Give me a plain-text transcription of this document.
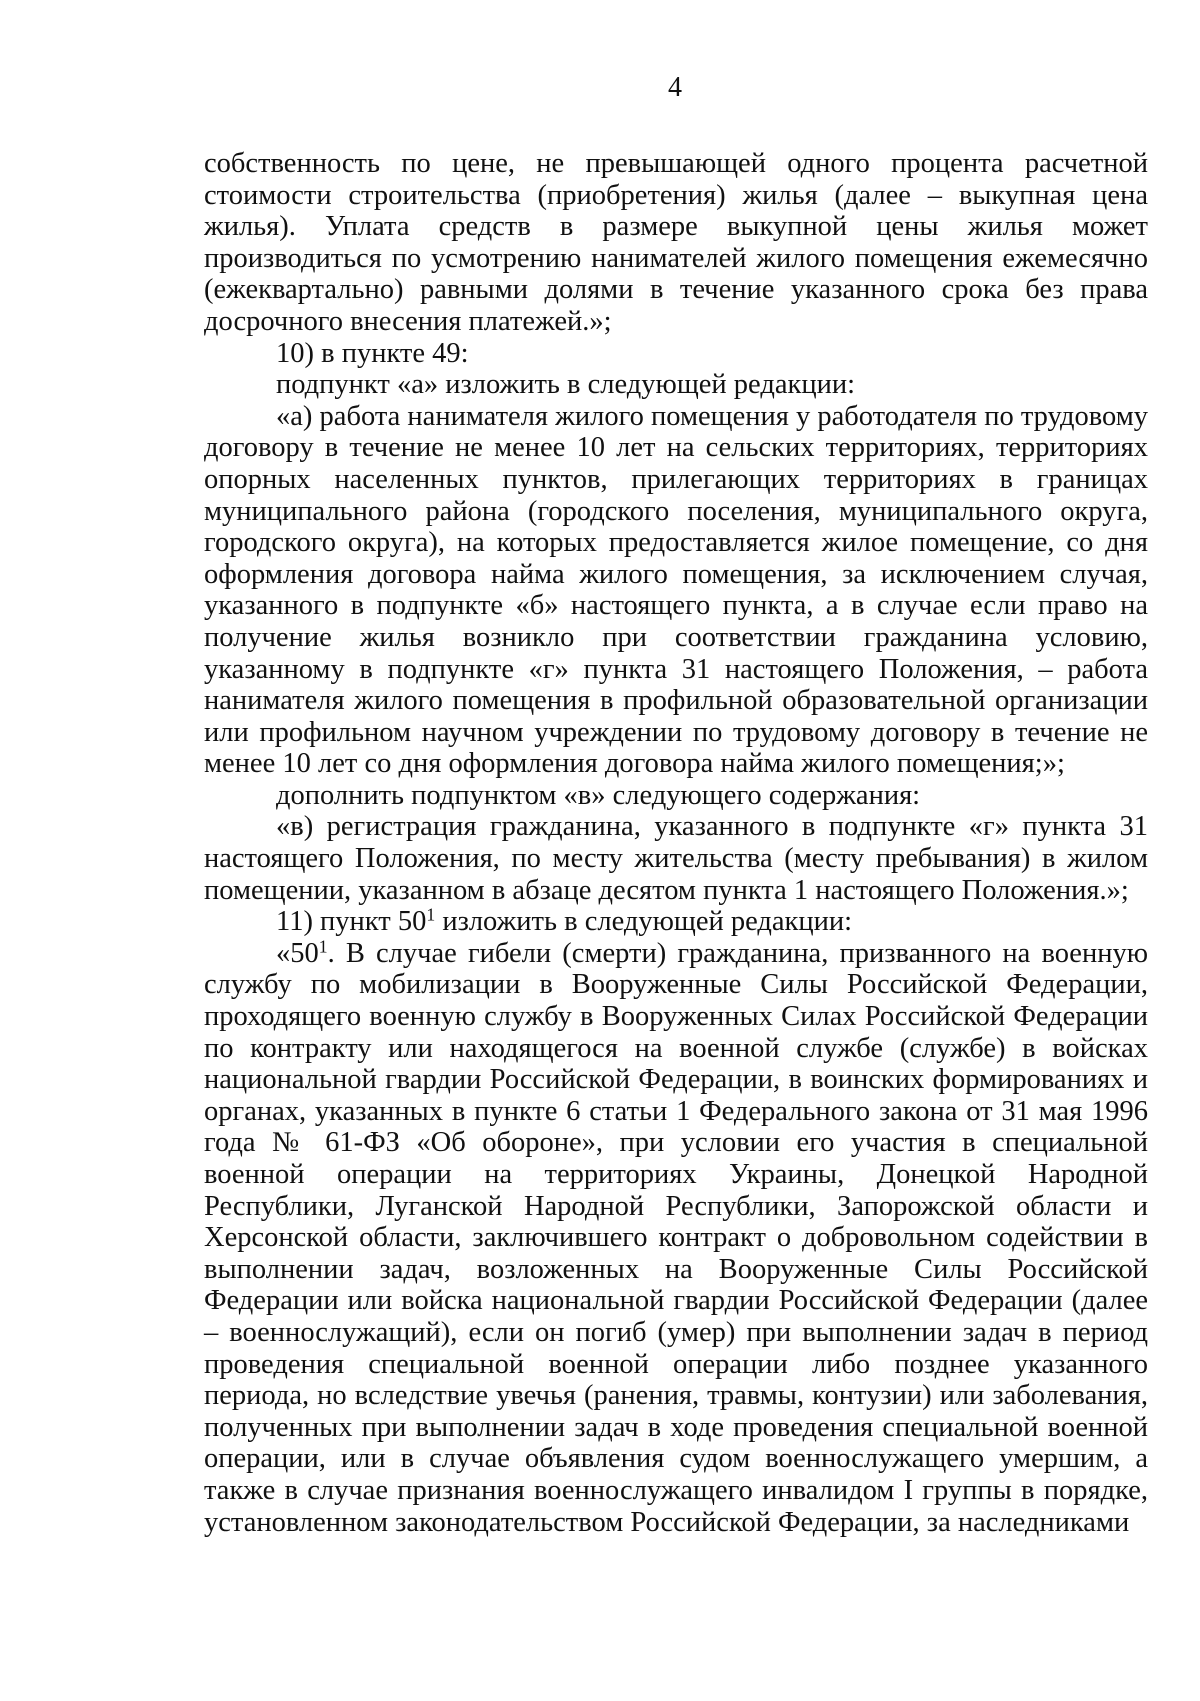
4

собственность по цене, не превышающей одного процента расчетной стоимости строительства (приобретения) жилья (далее – выкупная цена жилья). Уплата средств в размере выкупной цены жилья может производиться по усмотрению нанимателей жилого помещения ежемесячно (ежеквартально) равными долями в течение указанного срока без права досрочного внесения платежей.»;

10) в пункте 49:

подпункт «а» изложить в следующей редакции:

«а) работа нанимателя жилого помещения у работодателя по трудовому договору в течение не менее 10 лет на сельских территориях, территориях опорных населенных пунктов, прилегающих территориях в границах муниципального района (городского поселения, муниципального округа, городского округа), на которых предоставляется жилое помещение, со дня оформления договора найма жилого помещения, за исключением случая, указанного в подпункте «б» настоящего пункта, а в случае если право на получение жилья возникло при соответствии гражданина условию, указанному в подпункте «г» пункта 31 настоящего Положения, – работа нанимателя жилого помещения в профильной образовательной организации или профильном научном учреждении по трудовому договору в течение не менее 10 лет со дня оформления договора найма жилого помещения;»;

дополнить подпунктом «в» следующего содержания:

«в) регистрация гражданина, указанного в подпункте «г» пункта 31 настоящего Положения, по месту жительства (месту пребывания) в жилом помещении, указанном в абзаце десятом пункта 1 настоящего Положения.»;

11) пункт $50^1$ изложить в следующей редакции:

«$50^1$. В случае гибели (смерти) гражданина, призванного на военную службу по мобилизации в Вооруженные Силы Российской Федерации, проходящего военную службу в Вооруженных Силах Российской Федерации по контракту или находящегося на военной службе (службе) в войсках национальной гвардии Российской Федерации, в воинских формированиях и органах, указанных в пункте 6 статьи 1 Федерального закона от 31 мая 1996 года № 61-ФЗ «Об обороне», при условии его участия в специальной военной операции на территориях Украины, Донецкой Народной Республики, Луганской Народной Республики, Запорожской области и Херсонской области, заключившего контракт о добровольном содействии в выполнении задач, возложенных на Вооруженные Силы Российской Федерации или войска национальной гвардии Российской Федерации (далее – военнослужащий), если он погиб (умер) при выполнении задач в период проведения специальной военной операции либо позднее указанного периода, но вследствие увечья (ранения, травмы, контузии) или заболевания, полученных при выполнении задач в ходе проведения специальной военной операции, или в случае объявления судом военнослужащего умершим, а также в случае признания военнослужащего инвалидом I группы в порядке, установленном законодательством Российской Федерации, за наследниками
